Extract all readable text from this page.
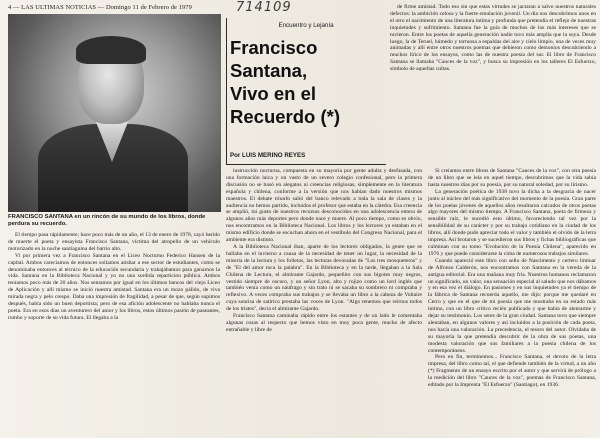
4 — LAS ULTIMAS NOTICIAS — Domingo 11 de Febrero de 1979	714109
FRANCISCO SANTANA en un rincón de su mundo de los libros, donde perdura su recuerdo.

El tiempo pasa rápidamente; hace poco más de un año, el 13 de enero de 1978, cayó herido de muerte el poeta y ensayista Francisco Santana, víctima del atropello de un vehículo motorizado en la noche santiaguina del barrio alto.

Vi por primera vez a Francisco Santana en el Liceo Nocturno Federico Hansen de la capital. Ambos carecíamos de entonces solíamos atisbar a ese sector de estudiantes, como se denominaba entonces al técnico de la educación secundaria y trabajábamos para ganarnos la vida. Santana en la Biblioteca Nacional y yo no una sordida reparticion pública. Ambos teníamos poco más de 20 años. Nos sentamos por igual en los últimos bancos del viejo Liceo de Aplicación y allí mismo se inició nuestra amistad. Santana era un mozo pálido, de viva mirada negra y pelo crespo. Daba una impresión de fragilidad, a pesar de que, según supimos después, había sido un buen deportista; pero de esa afición adolescente no hablaba nunca el poeta. Era en esos días un aventurero del amor y los libros, estos últimos pasión de paseantes, rumbo y soporte de su vida futura. El llegaba a la

Encuentro y Lejanía
Francisco Santana,
Vivo en el
Recuerdo (*)
Por LUIS MERINO REYES

instrucción nocturna, compuesta en su mayoría por gente adulta y desfasada, con una formación laica y un vasto de un severo colegio confesional, pero la primera discusión no se basó en alegatos ni creencias religiosas, simplemente en la literatura española y chilena, conforme a la versión que nos habían dado nuestros mismos maestros. El debate triunfo salió del banco relevado a toda la sala de clases y la audiencia no hemos partido, incluidos el profesor que estaba en la cátedra. Esa creencia se amplió, mi gusto de nuestros recursos desconocidos en una adolescencia entera de algunos años más deportes pero donde nace y muere. Al poco tiempo, como es obvio, nos encontramos en la Biblioteca Nacional. Los libros y los lectores ya estaban en el mismo edificio donde se escuchan ahora en el vestíbulo del Congreso Nacional, para el ambiente era distinto.

A la Biblioteca Nacional iban, aparte de los lectores obligados, la gente que se hallaba en el invierno a causa de la necesidad de tener un lugar, la necesidad de la miseria de la lectura y los folletos, las lecturas devoradas de "Los tres mosqueteros" y de "El del amor toca la palabra". En la Biblioteca y en la tarde, llegaban a la Sala Chilena de Lectura, el almirante Gajardo, pequeñito con sus bigotes muy negros, vestido siempre de oscuro, y un señor Lyon, alto y rojizo como un lord inglés que también venía como un náufrago y sin trato ni se sacaba su sombrero ni compraba y reflexivo. A veces compraba sus trabajos y se llevaba un libro a la cabeza de Voltaire cuya sonrisa de satírico prestaba las voces de Lyon. "Algo tenemos que reírnos todos de los tristes", decía el almirante Gajardo.

Francisco Santana caminaba rápido entre los estantes y de un lado le comentaba algunas cosas al respecto que hemos visto en muy poca gente, mucho de afecto entrañable y libre de

de firme amistad. Todo eso sin que estas virtudes se jactaran a salvo nuestros naturales defectos: la ambición celosa y la fuerte emulación juvenil. Un día nos descubrimos unos en el otro el nacimiento de una literatura íntima y profunda que pretendía el reflejo de nuestras inquietudes y sufrimiento. Santana fue la guía de muchos de los más intereses que se tuvieron. Entre los poetas de aquella generación nadie tuvo más amplia que la suya. Desde luego, la de Teruel, húmedo y tortuosa a espaldas del aire y cielo limpio, una de veces muy animadas y allí entre otros nuestros poemas que debieron como demonios descubriendo a muchos lírico de los ensayos, como las de nuestra poesía del sur. El libro de Francisco Santana se llamaba "Cauces de la voz", y busca su impresión en los talleres El Esfuerzo, símbolo de aquellas cultas.

Si creíamos entre libros de Santana "Cauces de la voz", con otra poesía de un libro que se leía en aquel tiempo, descubrimos que la vida sabía hasta nuestros días por su poesía, por su natural soledad, por su lirismo.

La generación poética de 1938 tuvo la dicha a la desgracia de nacer junto al núcleo del más significativo del momento de la poesía. Gran parte de los poetas jóvenes de aquellos años resultaron calcados de otros poetas algo mayores del mismo tiempo. A Francisco Santana, poeta de firmeza y sensible raíz, le sucedió esto último, favoreciendo tal vez por la sensibilidad de su carácter y por su trabajo cotidiano en la ciudad de los libros, allí donde pudo apreciar todo el valor y también el olvido de la letra impresa. Así brotaron y se sucedieron sus libros y fichas bibliográficas que culminan con su tomo "Evolución de la Poesía Chilena", aparecido en 1976 y que puede considerarse la cima de numerosos trabajos similares.

Cuando apareció este libro con sello de Nascimento y certero liminar de Alfonso Calderón, nos encontramos con Santana en la vereda de la antigua editorial. Era una mañana muy fría. Nuestros humanos reclamaron un significado, un valor, una sensación especial al saludo que nos dábamos y en esa vez el diálogo. En pasiones y en sus inquietudes ya el tiempo de la fábrica de Santana recuerda aquello, me dijo: porque me quedaré en Cerro y que en el que de mi poesía que me mostraba en su estado más íntimo, con un libro crítico recién publicado y que había de alentarme y dejar su testimonio. Los seres de la gran ciudad. Santana tuvo que siempre alentaban, en algunos valores y así incluidos a la posición de cada poeta, nos hacía una valoración. La precedencia, el tesoro del autor. Olvidaba de su mayoría la que pretendía descubrir de la obra de sus poetas, una modesta valoración que sus familiares a la poesía chilena de los contemporáneos.

Pero en fin, terminemos... Francisco Santana, el devoto de la letra impresa, del libro como tal, el que defiende también de la virtud, a un año

(*) Fragmento de un ensayo escrito por el autor y que servirá de prólogo a la reedición del libro "Cauces de la voz", poemas de Francisco Santana, editado por la Imprenta "El Esfuerzo" (Santiago), en 1936.
